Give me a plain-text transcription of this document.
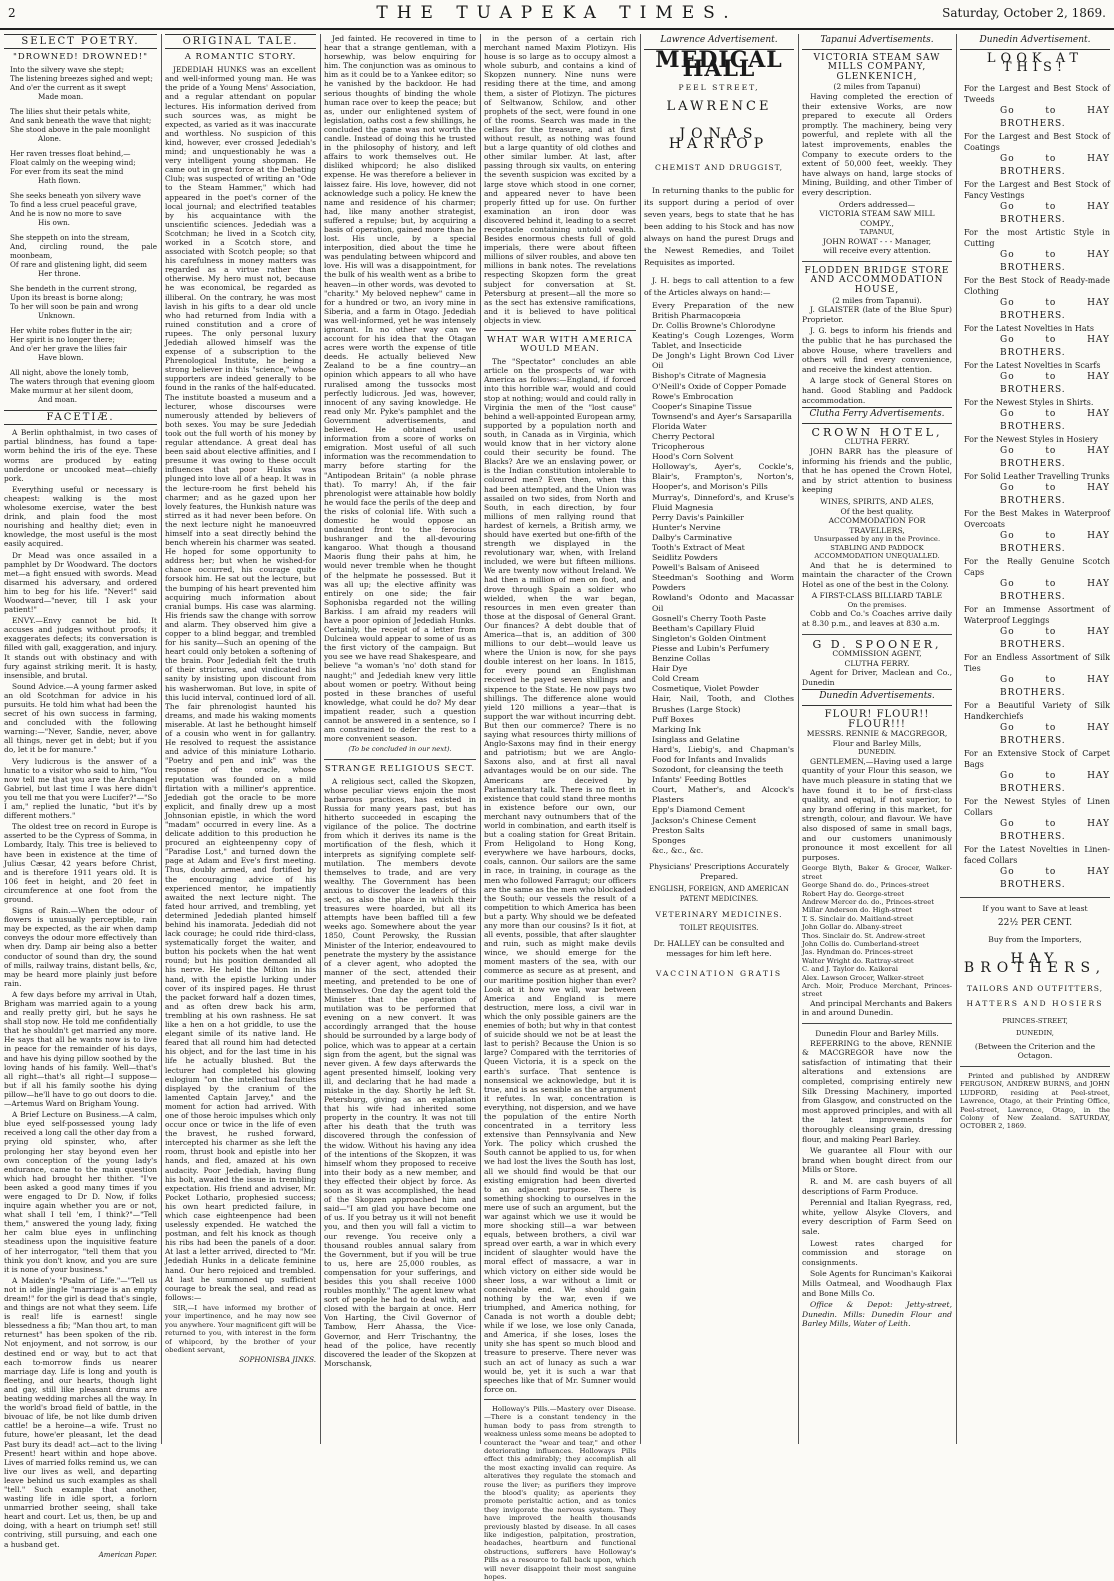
2	THE TUAPEKA TIMES.	Saturday, October 2, 1869.
SELECT POETRY.
"DROWNED! DROWNED!"
Into the silvery wave she stept;
The listening breezes sighed and wept;
And o'er the current as it swept
Made moan.
The lilies shut their petals white,
And sank beneath the wave that night;
She stood above in the pale moonlight
Alone.
Her raven tresses float behind,—
Float calmly on the weeping wind;
For ever from its seat the mind
Hath flown.
She seeks beneath yon silvery wave
To find a less cruel peaceful grave,
And he is now no more to save
His own.
She steppeth on into the stream,
And, circling round, the pale moonbeam,
Of rare and glistening light, did seem
Her throne.
She bendeth in the current strong,
Upon its breast is borne along;
To her will soon be pain and wrong
Unknown.
Her white robes flutter in the air;
Her spirit is no longer there;
And o'er her grave the lilies fair
Have blown.
All night, above the lonely tomb,
The waters through that evening gloom
Make murmur at her silent doom,
And moan.
FACETIÆ.

A Berlin ophthalmist, in two cases of partial blindness, has found a tape-worm behind the iris of the eye. These worms are produced by eating underdone or uncooked meat—chiefly pork.

Everything useful or necessary is cheapest: walking is the most wholesome exercise, water the best drink, and plain food the most nourishing and healthy diet; even in knowledge, the most useful is the most easily acquired.

Dr Mead was once assailed in a pamphlet by Dr Woodward. The doctors met—a fight ensued with swords. Mead disarmed his adversary, and ordered him to beg for his life. "Never!" said Woodward—"never, till I ask your patient!"

ENVY.—Envy cannot be hid. It accuses and judges without proofs; it exaggerates defects; its conversation is filled with gall, exaggeration, and injury. It stands out with obstinacy and with fury against striking merit. It is hasty, insensible, and brutal.

Sound Advice.—A young farmer asked an old Scotchman for advice in his pursuits. He told him what had been the secret of his own success in farming, and concluded with the following warning:—"Never, Sandie, never, above all things, never get in debt; but if you do, let it be for manure."

Very ludicrous is the answer of a lunatic to a visitor who said to him, "You now tell me that you are the Archangel Gabriel, but last time I was here didn't you tell me that you were Lucifer?"—"So I am," replied the lunatic, "but it's by different mothers."

The oldest tree on record in Europe is asserted to be the Cypress of Somma, in Lombardy, Italy. This tree is believed to have been in existence at the time of Julius Cæsar, 42 years before Christ, and is therefore 1911 years old. It is 106 feet in height, and 20 feet in circumference at one foot from the ground.

Signs of Rain.—When the odour of flowers is unusually perceptible, rain may be expected, as the air when damp conveys the odour more effectively than when dry. Damp air being also a better conductor of sound than dry, the sound of mills, railway trains, distant bells, &c, may be heard more plainly just before rain.

A few days before my arrival in Utah, Brigham was married again to a young and really pretty girl, but he says he shall stop now. He told me confidentially that he shouldn't get married any more. He says that all he wants now is to live in peace for the remainder of his days, and have his dying pillow soothed by the loving hands of his family. Well—that's all right—that's all right—I suppose—but if all his family soothe his dying pillow—he'll have to go out doors to die.—Artemus Ward on Brigham Young.

A Brief Lecture on Business.—A calm, blue eyed self-possessed young lady received a long call the other day from a prying old spinster, who, after prolonging her stay beyond even her own conception of the young lady's endurance, came to the main question which had brought her thither. "I've been asked a good many times if you were engaged to Dr D. Now, if folks inquire again whether you are or not, what shall I tell 'em, I think?"—"Tell them," answered the young lady, fixing her calm blue eyes in unflinching steadiness upon the inquisitive feature of her interrogator, "tell them that you think you don't know, and you are sure it is none of your business."

A Maiden's "Psalm of Life."—"Tell us not in idle jingle "marriage is an empty dream!" for the girl is dead that's single, and things are not what they seem. Life is real! life is earnest! single blessedness a fib; "Man thou art, to man returnest" has been spoken of the rib. Not enjoyment, and not sorrow, is our destined end or way, but to act that each to-morrow finds us nearer marriage day. Life is long and youth is fleeting, and our hearts, though light and gay, still like pleasant drums are beating wedding marches all the way. In the world's broad field of battle, in the bivouac of life, be not like dumb driven cattle! be a heroine—a wife. Trust no future, howe'er pleasant, let the dead Past bury its dead! act—act to the living Present! heart within and hope above. Lives of married folks remind us, we can live our lives as well, and departing leave behind us such examples as shall "tell." Such example that another, wasting life in idle sport, a forlorn unmarried brother seeing, shall take heart and court. Let us, then, be up and doing, with a heart on triumph set! still contriving, still pursuing, and each one a husband get.

American Paper.
ORIGINAL TALE.
A ROMANTIC STORY.

JEDEDIAH HUNKS was an excellent and well-informed young man. He was the pride of a Young Mens' Association, and a regular attendant on popular lectures. His information derived from such sources was, as might be expected, as varied as it was inaccurate and worthless. No suspicion of this kind, however, ever crossed Jedediah's mind; and unquestionably he was a very intelligent young shopman. He came out in great force at the Debating Club; was suspected of writing an "Ode to the Steam Hammer," which had appeared in the poet's corner of the local journal; and electrified teatables by his acquaintance with the unscientific sciences. Jedediah was a Scotchman; he lived in a Scotch city, worked in a Scotch store, and associated with Scotch people; so that his carefulness in money matters was regarded as a virtue rather than otherwise. My hero must not, because he was economical, be regarded as illiberal. On the contrary, he was most lavish in his gifts to a dear old uncle who had returned from India with a ruined constitution and a crore of rupees. The only personal luxury Jedediah allowed himself was the expense of a subscription to the Phrenological Institute, he being a strong believer in this "science," whose supporters are indeed generally to be found in the ranks of the half-educated. The institute boasted a museum and a lecturer, whose discourses were numerously attended by believers of both sexes. You may be sure Jedediah took out the full worth of his money by regular attendance. A great deal has been said about elective affinities, and I presume it was owing to these occult influences that poor Hunks was plunged into love all of a heap. It was in the lecture-room he first beheld his charmer; and as he gazed upon her lovely features, the Hunkish nature was stirred as it had never been before. On the next lecture night he manoeuvred himself into a seat directly behind the bench wherein his charmer was seated. He hoped for some opportunity to address her; but when he wished-for chance occurred, his courage quite forsook him. He sat out the lecture, but the bumping of his heart prevented him acquiring much information about cranial bumps. His case was alarming. His friends saw the change with sorrow and alarm. They observed him give a copper to a blind beggar, and trembled for his sanity—Such an opening of the heart could only betoken a softening of the brain. Poor Jedediah felt the truth of their strictures, and vindicated his sanity by insisting upon discount from his washerwoman. But love, in spite of this lucid interval, continued lord of all. The fair phrenologist haunted his dreams, and made his waking moments miserable. At last he bethought himself of a cousin who went in for gallantry. He resolved to request the assistance and advice of this miniature Lothario. "Poetry and pen and ink" was the response of the oracle, whose reputation was founded on a mild flirtation with a milliner's apprentice. Jedediah got the oracle to be more explicit, and finally drew up a most Johnsonian epistle, in which the word "madam" occurred in every line. As a delicate addition to this production he procured an eighteenpenny copy of "Paradise Lost," and turned down the page at Adam and Eve's first meeting. Thus, doubly armed, and fortified by the encouraging advice of his experienced mentor, he impatiently awaited the next lecture night. The fated hour arrived, and trembling, yet determined Jedediah planted himself behind his inamorata. Jedediah did not lack courage; he could ride third-class, systematically forget the waiter, and button his pockets when the hat went round; but his position demanded all his nerve. He held the Milton in his hand, with the epistle lurking under cover of its inspired pages. He thrust the packet forward half a dozen times, and as often drew back his arm, trembling at his own rashness. He sat like a hen on a hot griddle, to use the elegant simile of its native land. He feared that all round him had detected his object, and for the last time in his life he actually blushed. But the lecturer had completed his glowing eulogium "on the intellectual faculties displayed by the cranium of the lamented Captain Jarvey," and the moment for action had arrived. With one of those heroic impulses which only occur once or twice in the life of even the bravest, he rushed forward, intercepted his charmer as she left the room, thrust book and epistle into her hands, and fled, amazed at his own audacity. Poor Jedediah, having flung his bolt, awaited the issue in trembling expectation. His friend and adviser, Mr. Pocket Lothario, prophesied success; his own heart predicted failure, in which case eighteenpence had been uselessly expended. He watched the postman, and felt his knock as though his ribs had been the panels of a door. At last a letter arrived, directed to "Mr. Jedediah Hunks in a delicate feminine hand. Our hero rejoiced and trembled. At last he summoned up sufficient courage to break the seal, and read as follows:—

SIR,—I have informed my brother of your impertinence, and he may now see you anywhere. Your magnificent gift will be returned to you, with interest in the form of whipcord, by the brother of your obedient servant,

SOPHONISBA JINKS.

Jed fainted. He recovered in time to hear that a strange gentleman, with a horsewhip, was below enquiring for him. The conjunction was as ominous to him as it could be to a Yankee editor; so he vanished by the backdoor. He had serious thoughts of binding the whole human race over to keep the peace; but as, under our enlightened system of legislation, oaths cost a few shillings, he concluded the game was not worth the candle. Instead of doing this he trusted in the philosophy of history, and left affairs to work themselves out. He disliked whipcord; he also disliked expense. He was therefore a believer in laissez faire. His love, however, did not acknowledge such a policy. He knew the name and residence of his charmer; had, like many another strategist, suffered a repulse; but, by acquiring a basis of operation, gained more than he lost. His uncle, by a special interposition, died about the time he was pendulating between whipcord and love. His will was a disappointment, for the bulk of his wealth went as a bribe to heaven—in other words, was devoted to "charity." My beloved nephew" came in for a hundred or two, an ivory mine in Siberia, and a farm in Otago. Jedediah was well-informed, yet he was intensely ignorant. In no other way can we account for his idea that the Otagan acres were worth the expense of title deeds. He actually believed New Zealand to be a fine country—an opinion which appears to all who have ruralised among the tussocks most perfectly ludicrous. Jed was, however, innocent of any saving knowledge. He read only Mr. Pyke's pamphlet and the Government advertisements, and believed. He obtained useful information from a score of works on emigration. Most useful of all such information was the recommendation to marry before starting for the "Antipodean Britain" (a noble phrase that). To marry! Ah, if the fair phrenologist were attainable how boldly he would face the perils of the deep and the risks of colonial life. With such a domestic he would oppose an undaunted front to the ferocious bushranger and the all-devouring kangaroo. What though a thousand Maoris flung their pahs at him, he would never tremble when he thought of the helpmate he possessed. But it was all up; the elective affinity was entirely on one side; the fair Sophonisba regarded not the willing Barkiss. I am afraid my readers will have a poor opinion of Jedediah Hunks. Certainly, the receipt of a letter from Dulcinea would appear to some of us as the first victory of the campaign. But you see we have read Shakespeare, and believe "a woman's 'no' doth stand for naught;" and Jedediah knew very little about women or poetry. Without being posted in these branches of useful knowledge, what could he do? My dear impatient reader, such a question cannot be answered in a sentence, so I am constrained to defer the rest to a more convenient season.

(To be concluded in our next).
STRANGE RELIGIOUS SECT.

A religious sect, called the Skopzen, whose peculiar views enjoin the most barbarous practices, has existed in Russia for many years past, but has hitherto succeeded in escaping the vigilance of the police. The doctrine from which it derives its name is the mortification of the flesh, which it interprets as signifying complete self-mutilation. The members devote themselves to trade, and are very wealthy. The Government has been anxious to discover the leaders of this sect, as also the place in which their treasures were hoarded, but all its attempts have been baffled till a few weeks ago. Somewhere about the year 1850, Count Perowsky, the Russian Minister of the Interior, endeavoured to penetrate the mystery by the assistance of a clever agent, who adopted the manner of the sect, attended their meeting, and pretended to be one of themselves. One day the agent told the Minister that the operation of mutilation was to be performed that evening on a new convert. It was accordingly arranged that the house should be surrounded by a large body of police, which was to appear at a certain sign from the agent, but the signal was never given. A few days afterwards the agent presented himself, looking very ill, and declaring that he had made a mistake in the day. Shortly he left St. Petersburg, giving as an explanation that his wife had inherited some property in the country. It was not till after his death that the truth was discovered through the confession of the widow. Without his having any idea of the intentions of the Skopzen, it was himself whom they proposed to receive into their body as a new member, and they effected their object by force. As soon as it was accomplished, the head of the Skopzen approached him and said—"I am glad you have become one of us. If you betray us it will not benefit you, and then you will fall a victim to our revenge. You receive only a thousand roubles annual salary from the Government, but if you will be true to us, here are 25,000 roubles, as compensation for your sufferings, and besides this you shall receive 1000 roubles monthly." The agent knew what sort of people he had to deal with, and closed with the bargain at once. Herr Von Harting, the Civil Governor of Tambow, Herr Ahassa, the Vice-Governor, and Herr Trischantny, the head of the police, have recently discovered the leader of the Skopzen at Morschansk,

in the person of a certain rich merchant named Maxim Plotizyn. His house is so large as to occupy almost a whole suburb, and contains a kind of Skopzen nunnery. Nine nuns were residing there at the time, and among them, a sister of Plotizyn. The pictures of Seltwanow, Schilow, and other prophets of the sect, were found in one of the rooms. Search was made in the cellars for the treasure, and at first without result, as nothing was found but a large quantity of old clothes and other similar lumber. At last, after passing through six vaults, on entering the seventh suspicion was excited by a large stove which stood in one corner, and appeared never to have been properly fitted up for use. On further examination an iron door was discovered behind it, leading to a secret receptacle containing untold wealth. Besides enormous chests full of gold imperials, there were about fifteen millions of silver roubles, and above ten millions in bank notes. The revelations respecting Skopzen form the great subject for conversation at St. Petersburg at present—all the more so as the sect has extensive ramifications, and it is believed to have political objects in view.

WHAT WAR WITH AMERICA WOULD MEAN.

The "Spectator" concludes an able article on the prospects of war with America as follows:—England, if forced into this horrible war, would and could stop at nothing; would and could rally in Virginia the men of the "lost cause" behind a well-appointed European army, supported by a population north and south, in Canada as in Virginia, which would know that in her victory alone could their security be found. The Blacks? Are we an enslaving power, or is the Indian constitution intolerable to coloured men? Even then, when this had been attempted, and the Union was assailed on two sides, from North and South, in each direction, by four millions of men rallying round that hardest of kernels, a British army, we should have exerted but one-fifth of the strength we displayed in the revolutionary war, when, with Ireland included, we were but fifteen millions. We are twenty now without Ireland. We had then a million of men on foot, and drove through Spain a soldier who wielded, when the war began, resources in men even greater than those at the disposal of General Grant. Our finances? A debt double that of America—that is, an addition of 300 millions to our debt—would leave us where the Union is now, for she pays double interest on her loans. In 1815, for every pound an Englishman received he payed seven shillings and sixpence to the State. He now pays two shillings. The difference alone would yield 120 millions a year—that is support the war without incurring debt. But then our commerce? There is no saying what resources thirty millions of Anglo-Saxons may find in their energy and patriotism; but we are Anglo-Saxons also, and at first all naval advantages would be on our side. The Americans are deceived by Parliamentary talk. There is no fleet in existence that could stand three months in existence before our own, our merchant navy outnumbers that of the world in combination, and earth itself is but a coaling station for Great Britain. From Heligoland to Hong Kong, everywhere we have harbours, docks, coals, cannon. Our sailors are the same in race, in training, in courage as the men who followed Farragut; our officers are the same as the men who blockaded the South; our vessels the result of a competition to which America has been but a party. Why should we be defeated any more than our cousins? Is it fiot, at all events, possible, that after slaughter and ruin, such as might make devils wince, we should emerge for the moment masters of the sea, with our commerce as secure as at present, and our maritime position higher than ever? Look at it how we will, war between America and England is mere destruction, mere loss, a civil war in which the only possible gainers are the enemies of both; but why in that contest of suicide should we not be at least the last to perish? Because the Union is so large? Compared with the territories of Queen Victoria, it is a speck on the earth's surface. That sentence is nonsensical we acknowledge, but it is true, and is as sensible as the argument it refutes. In war, concentration is everything, not dispersion, and we have the population of the entire North concentrated in a territory less extensive than Pennsylvania and New York. The policy which crushed the South cannot be applied to us, for when we had lost the lives the South has lost, all we should find would be that our existing emigration had been diverted to an adjacent purpose. There is something shocking to ourselves in the mere use of such an argument, but the war against which we use it would be more shocking still—a war between equals, between brothers, a civil war spread over earth, a war in which every incident of slaughter would have the moral effect of massacre, a war in which victory on either side would be sheer loss, a war without a limit or conceivable end. We should gain nothing by the war, even if we triumphed, and America nothing, for Canada is not worth a double debt; while if we lose, we lose only Canada, and America, if she loses, loses the unity she has spent so much blood and treasure to preserve. There never was such an act of lunacy as such a war would be, yet it is such a war that speeches like that of Mr. Sumner would force on.

Holloway's Pills.—Mastery over Disease.—There is a constant tendency in the human body to pass from strength to weakness unless some means be adopted to counteract the "wear and tear," and other deteriorating influences. Holloways Pills effect this admirably; they accomplish all the most exacting invalid can require. As alteratives they regulate the stomach and rouse the liver; as purifiers they improve the blood's quality; as aperients they promote peristaltic action, and as tonics they invigorate the nervous system. They have improved the health thousands previously blasted by disease. In all cases like indigestion, palpitation, prostration, headaches, heartburn and functional obstructions, sufferers have Holloway's Pills as a resource to fall back upon, which will never disappoint their most sanguine hopes.

Lawrence Advertisement.
MEDICAL HALL
PEEL STREET,
LAWRENCE
JONAS HARROP
CHEMIST AND DRUGGIST,

In returning thanks to the public for its support during a period of over seven years, begs to state that he has been adding to his Stock and has now always on hand the purest Drugs and the Newest Remedies, and Toilet Requisites as imported.

J. H. begs to call attention to a few of the Articles always on hand:—

Every Preparation of the new British Pharmacopœia
Dr. Collis Browne's Chlorodyne
Keating's Cough Lozenges, Worm Tablet, and Insecticide
De Jongh's Light Brown Cod Liver Oil
Bishop's Citrate of Magnesia
O'Neill's Oxide of Copper Pomade
Rowe's Embrocation
Cooper's Sinapine Tissue
Townsend's and Ayer's Sarsaparilla
Florida Water
Cherry Pectoral
Tricopherous
Hood's Corn Solvent
Holloway's, Ayer's, Cockle's, Blair's, Frampton's, Norton's, Hooper's, and Morison's Pills
Murray's, Dinneford's, and Kruse's Fluid Magnesia
Perry Davis's Painkiller
Hunter's Nervine
Dalby's Carminative
Tooth's Extract of Meat
Seidlitz Powders
Powell's Balsam of Aniseed
Steedman's Soothing and Worm Powders
Rowland's Odonto and Macassar Oil
Gosnell's Cherry Tooth Paste
Beetham's Capillary Fluid
Singleton's Golden Ointment
Piesse and Lubin's Perfumery
Benzine Collas
Hair Dye
Cold Cream
Cosmetique, Violet Powder
Hair, Nail, Tooth, and Clothes Brushes (Large Stock)
Puff Boxes
Marking Ink
Isinglass and Gelatine
Hard's, Liebig's, and Chapman's Food for Infants and Invalids
Sozodont, for cleansing the teeth
Infants' Feeding Bottles
Court, Mather's, and Alcock's Plasters
Epp's Diamond Cement
Jackson's Chinese Cement
Preston Salts
Sponges
&c., &c., &c.
Physicians' Prescriptions Accurately Prepared.
ENGLISH, FOREIGN, AND AMERICAN PATENT MEDICINES.
VETERINARY MEDICINES.
TOILET REQUISITES.
Dr. HALLEY can be consulted and messages for him left here.
VACCINATION GRATIS
Tapanui Advertisements.
VICTORIA STEAM SAW MILLS COMPANY, GLENKENICH,
(2 miles from Tapanui)

Having completed the erection of their extensive Works, are now prepared to execute all Orders promptly. The machinery, being very powerful, and replete with all the latest improvements, enables the Company to execute orders to the extent of 50,000 feet, weekly. They have always on hand, large stocks of Mining, Building, and other Timber of every description.

Orders addressed—
VICTORIA STEAM SAW MILL COMPY.,
TAPANUI,
JOHN ROWAT - - - Manager,
will receive every attention.
FLODDEN BRIDGE STORE AND ACCOMMODATION HOUSE,
(2 miles from Tapanui).

J. GLAISTER (late of the Blue Spur) Proprietor.

J. G. begs to inform his friends and the public that he has purchased the above House, where travellers and others will find every convenience, and receive the kindest attention.

A large stock of General Stores on hand. Good Stabling and Paddock accommodation.

Clutha Ferry Advertisements.
CROWN HOTEL,
CLUTHA FERRY.

JOHN BARR has the pleasure of informing his friends and the public, that he has opened the Crown Hotel, and by strict attention to business keeping

WINES, SPIRITS, AND ALES,
Of the best quality.
ACCOMMODATION FOR TRAVELLERS,
Unsurpassed by any in the Province.
STABLING AND PADDOCK ACCOMMODATION UNEQUALLED.

And that he is determined to maintain the character of the Crown Hotel as one of the best in the Colony.

A FIRST-CLASS BILLIARD TABLE
On the premises.

Cobb and Co.'s Coaches arrive daily at 8.30 p.m., and leaves at 830 a.m.

G D. SPOONER,
COMMISSION AGENT,
CLUTHA FERRY.

Agent for Driver, Maclean and Co., Dunedin

Dunedin Advertisements.
FLOUR! FLOUR!! FLOUR!!!
MESSRS. RENNIE & MACGREGOR, Flour and Barley Mills,
DUNEDIN.

GENTLEMEN,—Having used a large quantity of your Flour this season, we have much pleasure in stating that we have found it to be of first-class quality, and equal, if not superior, to any brand offering in this market, for strength, colour, and flavour. We have also disposed of same in small bags, and our customers unanimously pronounce it most excellent for all purposes.

George Blyth, Baker & Grocer, Walker-street
George Shand do. do., Princes-street
Robert Hay do. George-street
Andrew Mercer do. do., Princes-street
Millar Anderson do. High-street
T. S. Sinclair do. Maitland-street
John Gollar do. Albany-street
Thos. Sinclair do. St. Andrew-street
John Collis do. Cumberland-street
Jas. Hyndman do. Princes-street
Walter Wright do. Rattray-street
C. and J. Taylor do. Kaikorai
Alex. Lawson Grocer, Walker-street
Arch. Moir, Produce Merchant, Princes-street

And principal Merchants and Bakers in and around Dunedin.

Dunedin Flour and Barley Mills.

REFERRING to the above, RENNIE & MACGREGOR have now the satisfaction of intimating that their alterations and extensions are completed, comprising entirely new Silk Dressing Machinery, imported from Glasgow, and constructed on the most approved principles, and with all the latest improvements for thoroughly cleansing grain, dressing flour, and making Pearl Barley.

We guarantee all Flour with our brand when bought direct from our Mills or Store.

R. and M. are cash buyers of all descriptions of Farm Produce.

Perennial and Italian Ryegrass, red, white, yellow Alsyke Clovers, and every description of Farm Seed on sale.

Lowest rates charged for commission and storage on consignments.

Sole Agents for Runciman's Kaikorai Mills Oatmeal, and Woodhaugh Flax and Bone Mills Co.

Office & Depot: Jetty-street, Dunedin. Mills: Dunedin Flour and Barley Mills, Water of Leith.

Dunedin Advertisement.
LOOK AT THIS!
For the Largest and Best Stock of Tweeds
Go to HAY BROTHERS.
For the Largest and Best Stock of Coatings
Go to HAY BROTHERS.
For the Largest and Best Stock of Fancy Vestings
Go to HAY BROTHERS.
For the most Artistic Style in Cutting
Go to HAY BROTHERS.
For the Best Stock of Ready-made Clothing
Go to HAY BROTHERS.
For the Latest Novelties in Hats
Go to HAY BROTHERS.
For the Latest Novelties in Scarfs
Go to HAY BROTHERS.
For the Newest Styles in Shirts.
Go to HAY BROTHERS.
For the Newest Styles in Hosiery
Go to HAY BROTHERS.
For Solid Leather Travelling Trunks
Go to HAY BROTHERS.
For the Best Makes in Waterproof Overcoats
Go to HAY BROTHERS.
For the Really Genuine Scotch Caps
Go to HAY BROTHERS.
For an Immense Assortment of Waterproof Leggings
Go to HAY BROTHERS.
For an Endless Assortment of Silk Ties
Go to HAY BROTHERS.
For a Beautiful Variety of Silk Handkerchiefs
Go to HAY BROTHERS.
For an Extensive Stock of Carpet Bags
Go to HAY BROTHERS.
For the Newest Styles of Linen Collars
Go to HAY BROTHERS.
For the Latest Novelties in Linen-faced Collars
Go to HAY BROTHERS.
If you want to Save at least
22½ PER CENT.
Buy from the Importers,
HAY BROTHERS,
TAILORS AND OUTFITTERS,
HATTERS AND HOSIERS
PRINCES-STREET,
DUNEDIN,
(Between the Criterion and the Octagon.

Printed and published by ANDREW FERGUSON, ANDREW BURNS, and JOHN LUDFORD, residing at Peel-street, Lawrence, Otago, at their Printing Office, Peel-street, Lawrence, Otago, in the Colony of New Zealand. SATURDAY, OCTOBER 2, 1869.
